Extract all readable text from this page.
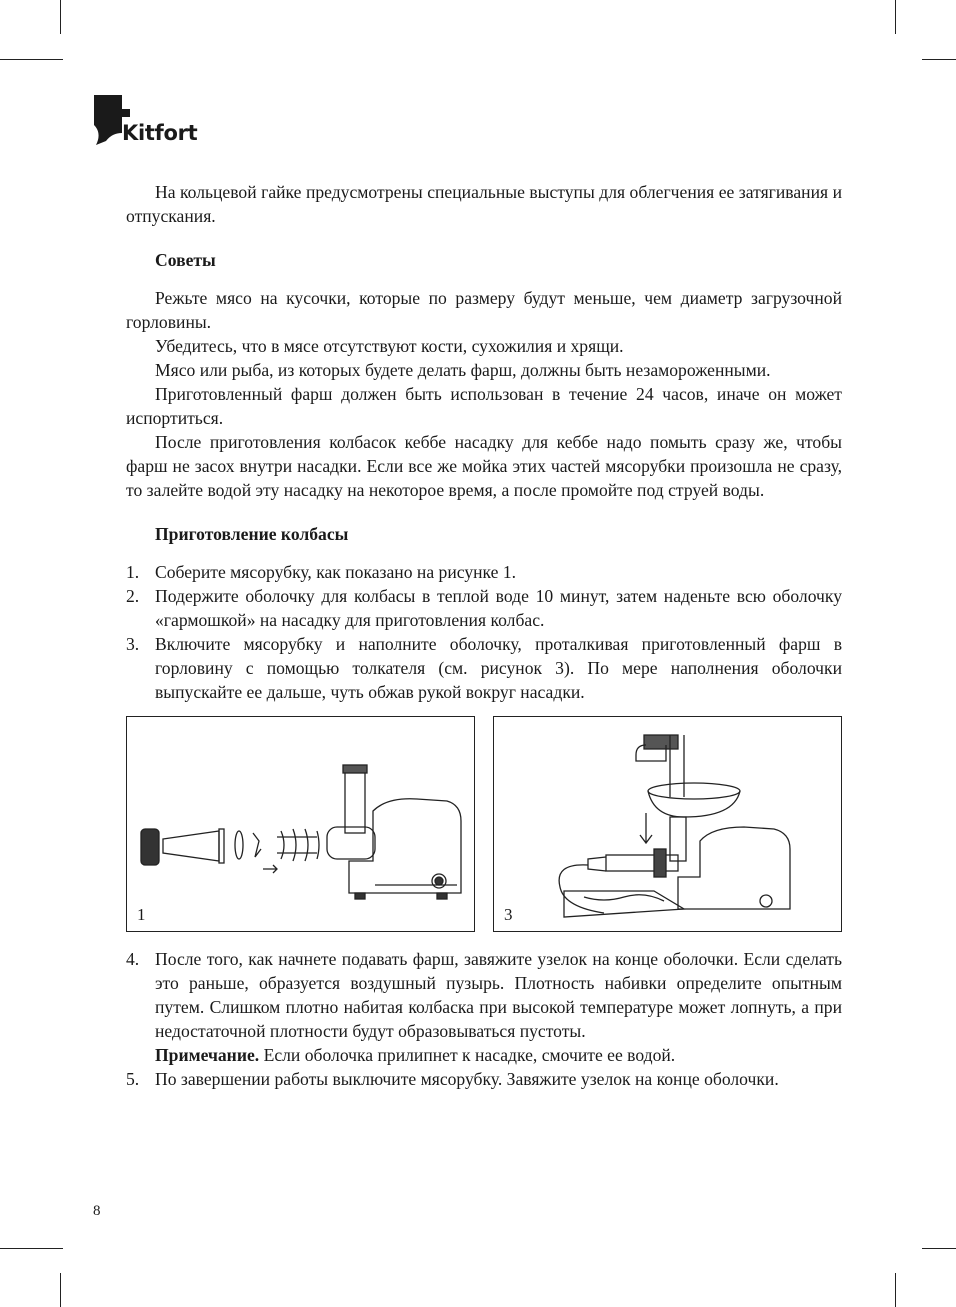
Kitfort

На кольцевой гайке предусмотрены специальные выступы для облегчения ее затягивания и отпускания.

Советы

Режьте мясо на кусочки, которые по размеру будут меньше, чем диаметр загрузочной горловины.

Убедитесь, что в мясе отсутствуют кости, сухожилия и хрящи.

Мясо или рыба, из которых будете делать фарш, должны быть незамороженными.

Приготовленный фарш должен быть использован в течение 24 часов, иначе он может испортиться.

После приготовления колбасок кеббе насадку для кеббе надо помыть сразу же, чтобы фарш не засох внутри насадки. Если все же мойка этих частей мясорубки произошла не сразу, то залейте водой эту насадку на некоторое время, а после промойте под струей воды.

Приготовление колбасы
1. Соберите мясорубку, как показано на рисунке 1.
2. Подержите оболочку для колбасы в теплой воде 10 минут, затем наденьте всю оболочку «гармошкой» на насадку для приготовления колбас.
3. Включите мясорубку и наполните оболочку, проталкивая приготовленный фарш в горловину с помощью толкателя (см. рисунок 3). По мере наполнения оболочки выпускайте ее дальше, чуть обжав рукой вокруг насадки.
1	3
4. После того, как начнете подавать фарш, завяжите узелок на конце оболочки. Если сделать это раньше, образуется воздушный пузырь. Плотность набивки определите опытным путем. Слишком плотно набитая колбаска при высокой температуре может лопнуть, а при недостаточной плотности будут образовываться пустоты.
Примечание. Если оболочка прилипнет к насадке, смочите ее водой.
5. По завершении работы выключите мясорубку. Завяжите узелок на конце оболочки.
8
